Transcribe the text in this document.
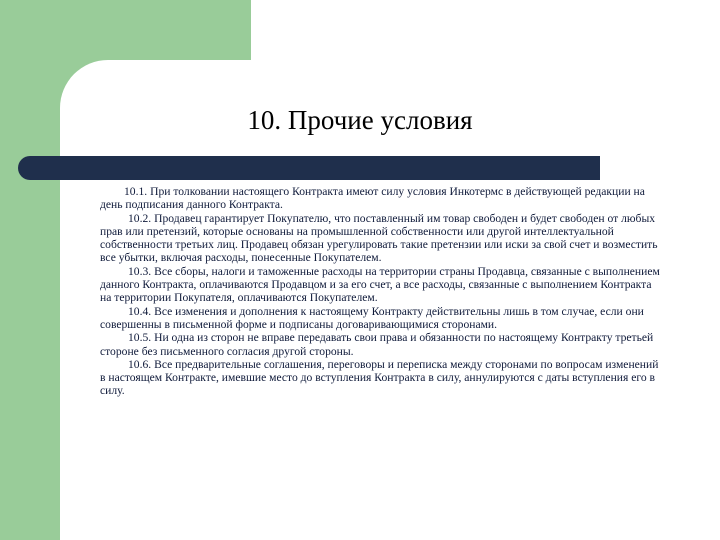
10. Прочие условия

10.1. При толковании настоящего Контракта имеют силу условия Инкотермс в действующей редакции на день подписания данного Контракта.

10.2. Продавец гарантирует Покупателю, что поставленный им товар свободен и будет свободен от любых прав или претензий, которые основаны на промышленной собственности или другой интеллектуальной собственности третьих лиц. Продавец обязан урегулировать такие претензии или иски за свой счет и возместить все убытки, включая расходы, понесенные Покупателем.

10.3. Все сборы, налоги и таможенные расходы на территории страны Продавца, связанные с выполнением данного Контракта, оплачиваются Продавцом и за его счет, а все расходы, связанные с выполнением Контракта на территории Покупателя, оплачиваются Покупателем.

10.4. Все изменения и дополнения к настоящему Контракту действительны лишь в том случае, если они совершенны в письменной форме и подписаны договаривающимися сторонами.

10.5. Ни одна из сторон не вправе передавать свои права и обязанности по настоящему Контракту третьей стороне без письменного согласия другой стороны.

10.6. Все предварительные соглашения, переговоры и переписка между сторонами по вопросам изменений в настоящем Контракте, имевшие место до вступления Контракта в силу, аннулируются с даты вступления его в силу.
